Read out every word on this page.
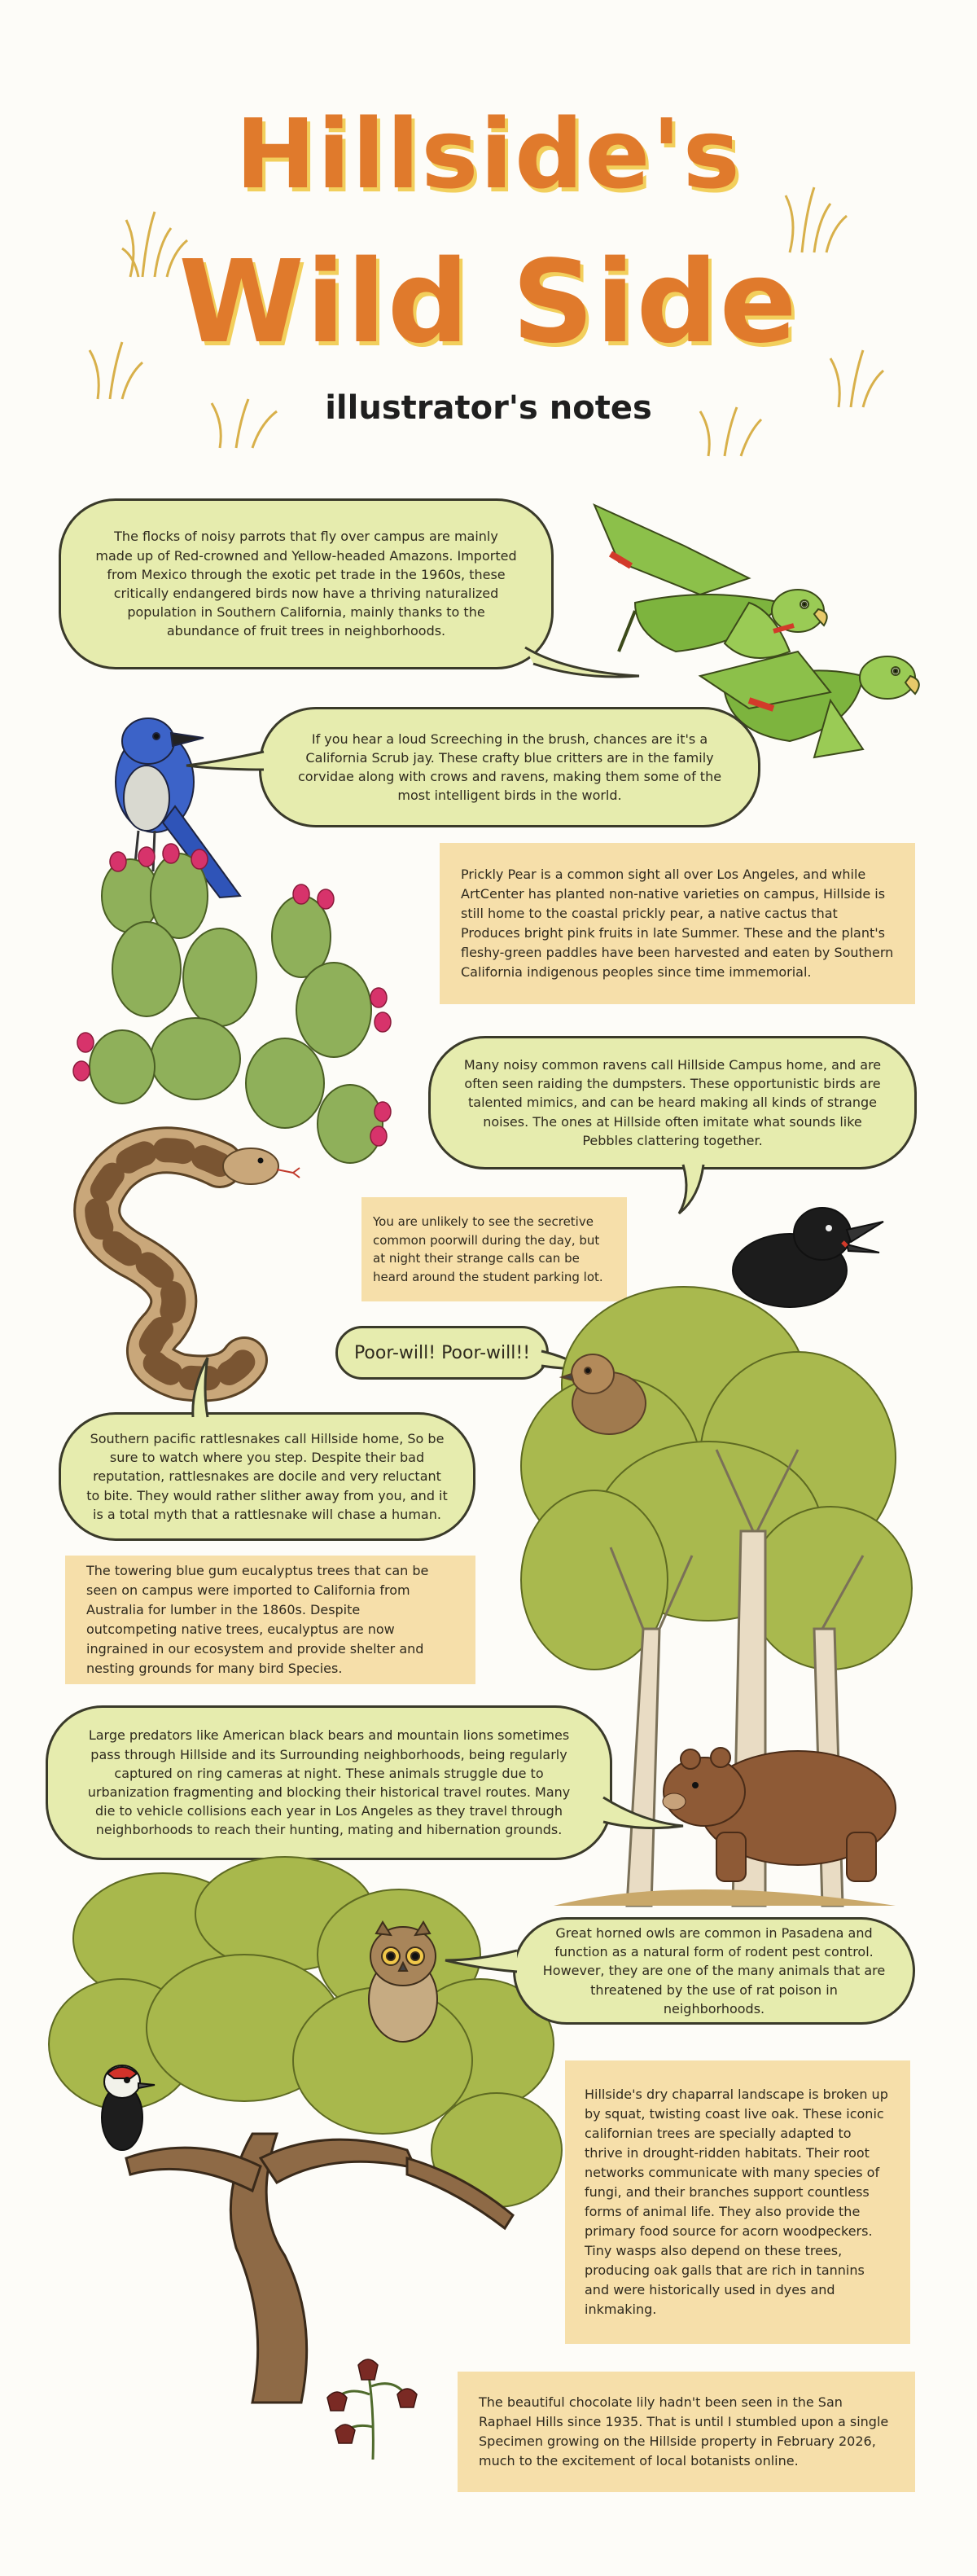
Hillside's
Wild Side
illustrator's notes

The flocks of noisy parrots that fly over campus are mainly made up of Red-crowned and Yellow-headed Amazons. Imported from Mexico through the exotic pet trade in the 1960s, these critically endangered birds now have a thriving naturalized population in Southern California, mainly thanks to the abundance of fruit trees in neighborhoods.

If you hear a loud Screeching in the brush, chances are it's a California Scrub jay. These crafty blue critters are in the family corvidae along with crows and ravens, making them some of the most intelligent birds in the world.

Prickly Pear is a common sight all over Los Angeles, and while ArtCenter has planted non-native varieties on campus, Hillside is still home to the coastal prickly pear, a native cactus that Produces bright pink fruits in late Summer. These and the plant's fleshy-green paddles have been harvested and eaten by Southern California indigenous peoples since time immemorial.

Many noisy common ravens call Hillside Campus home, and are often seen raiding the dumpsters. These opportunistic birds are talented mimics, and can be heard making all kinds of strange noises. The ones at Hillside often imitate what sounds like Pebbles clattering together.

You are unlikely to see the secretive common poorwill during the day, but at night their strange calls can be heard around the student parking lot.

Poor-will! Poor-will!!

Southern pacific rattlesnakes call Hillside home, So be sure to watch where you step. Despite their bad reputation, rattlesnakes are docile and very reluctant to bite. They would rather slither away from you, and it is a total myth that a rattlesnake will chase a human.

The towering blue gum eucalyptus trees that can be seen on campus were imported to California from Australia for lumber in the 1860s. Despite outcompeting native trees, eucalyptus are now ingrained in our ecosystem and provide shelter and nesting grounds for many bird Species.

Large predators like American black bears and mountain lions sometimes pass through Hillside and its Surrounding neighborhoods, being regularly captured on ring cameras at night. These animals struggle due to urbanization fragmenting and blocking their historical travel routes. Many die to vehicle collisions each year in Los Angeles as they travel through neighborhoods to reach their hunting, mating and hibernation grounds.

Great horned owls are common in Pasadena and function as a natural form of rodent pest control. However, they are one of the many animals that are threatened by the use of rat poison in neighborhoods.

Hillside's dry chaparral landscape is broken up by squat, twisting coast live oak. These iconic californian trees are specially adapted to thrive in drought-ridden habitats. Their root networks communicate with many species of fungi, and their branches support countless forms of animal life. They also provide the primary food source for acorn woodpeckers. Tiny wasps also depend on these trees, producing oak galls that are rich in tannins and were historically used in dyes and inkmaking.

The beautiful chocolate lily hadn't been seen in the San Raphael Hills since 1935. That is until I stumbled upon a single Specimen growing on the Hillside property in February 2026, much to the excitement of local botanists online.
